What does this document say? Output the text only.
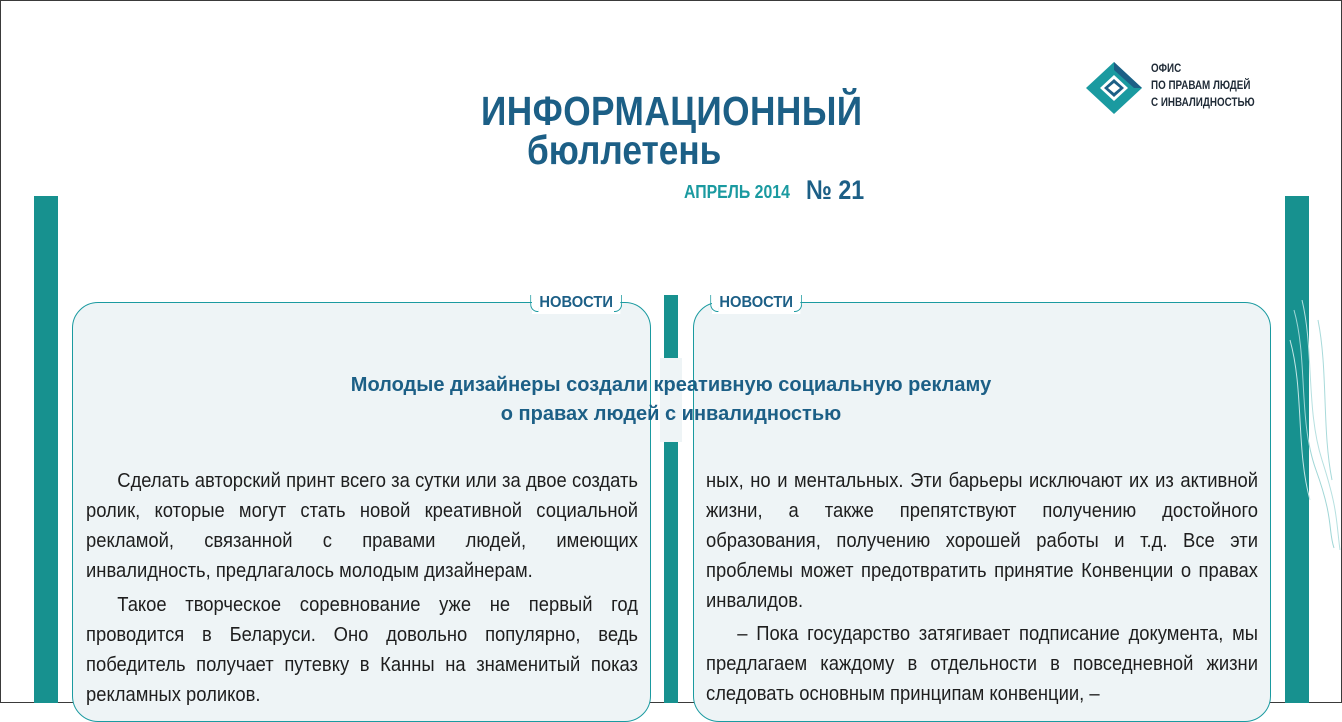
ИНФОРМАЦИОННЫЙ
бюллетень
АПРЕЛЬ 2014 № 21
ОФИС
ПО ПРАВАМ ЛЮДЕЙ
С ИНВАЛИДНОСТЬЮ
НОВОСТИ	НОВОСТИ
Молодые дизайнеры создали креативную социальную рекламу
о правах людей с инвалидностью
Сделать авторский принт всего за сутки или за двое создать ролик, которые могут стать новой креативной социальной рекламой, связанной с правами людей, имеющих инвалидность, предлагалось молодым дизайнерам.
Такое творческое соревнование уже не первый год проводится в Беларуси. Оно довольно популярно, ведь победитель получает путевку в Канны на знаменитый показ рекламных роликов.
ных, но и ментальных. Эти барьеры исключают их из активной жизни, а также препятствуют получению достойного образования, получению хорошей работы и т.д. Все эти проблемы может предотвратить принятие Конвенции о правах инвалидов.
– Пока государство затягивает подписание документа, мы предлагаем каждому в отдельности в повседневной жизни следовать основным принципам конвенции, –
